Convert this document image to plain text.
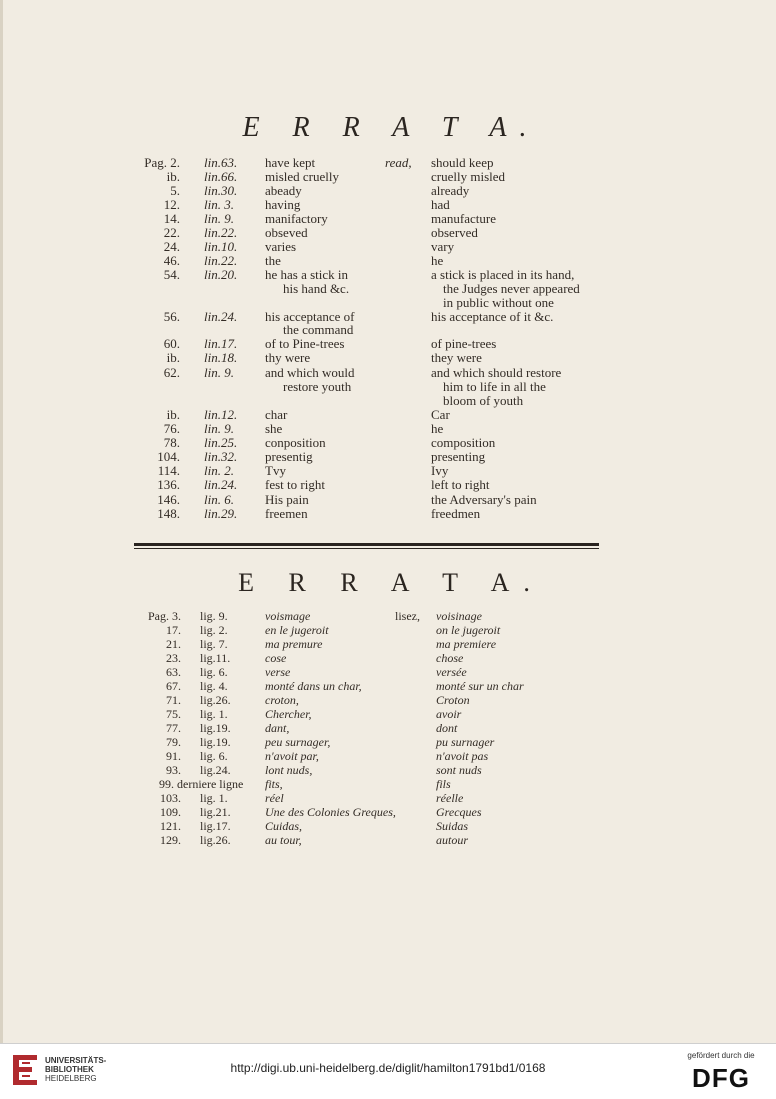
E R R A T A.
Pag. 2. lin.63.	have kept	should keep
ib. lin.66.	misled cruelly	cruelly misled
5. lin.30.	abeady	already
12. lin. 3.	having	had
14. lin. 9.	manifactory	manufacture
22. lin.22.	obseved	observed
24. lin.10.	varies	vary
46. lin.22.	the	he
54. lin.20.	he has a stick in	a stick is placed in its hand,
his hand &c.	the Judges never appeared
in public without one
56. lin.24.	his acceptance of	his acceptance of it &c.
the command
60. lin.17.	of to Pine-trees	of pine-trees
ib. lin.18.	thy were	they were
62. lin. 9.	and which would	and which should restore
restore youth	him to life in all the
bloom of youth
ib. lin.12.	char	Car
76. lin. 9.	she	he
78. lin.25.	conposition	composition
104. lin.32.	presentig	presenting
114. lin. 2.	Tvy	Ivy
136. lin.24.	fest to right	left to right
146. lin. 6.	His pain	the Adversary's pain
148. lin.29.	freemen	freedmen
read,
E R R A T A.
lisez,
Pag. 3. lig. 9.	voismage	voisinage
17. lig. 2.	en le jugeroit	on le jugeroit
21. lig. 7.	ma premure	ma premiere
23. lig.11.	cose	chose
63. lig. 6.	verse	versée
67. lig. 4.	monté dans un char,	monté sur un char
71. lig.26.	croton,	Croton
75. lig. 1.	Chercher,	avoir
77. lig.19.	dant,	dont
79. lig.19.	peu surnager,	pu surnager
91. lig. 6.	n'avoit par,	n'avoit pas
93. lig.24.	lont nuds,	sont nuds
99. derniere ligne	fits,	fils
103. lig. 1.	réel	réelle
109. lig.21.	Une des Colonies Greques,	Grecques
121. lig.17.	Cuidas,	Suidas
129. lig.26.	au tour,	autour
UNIVERSITÄTS-
BIBLIOTHEK
HEIDELBERG
http://digi.ub.uni-heidelberg.de/diglit/hamilton1791bd1/0168
gefördert durch die
DFG
